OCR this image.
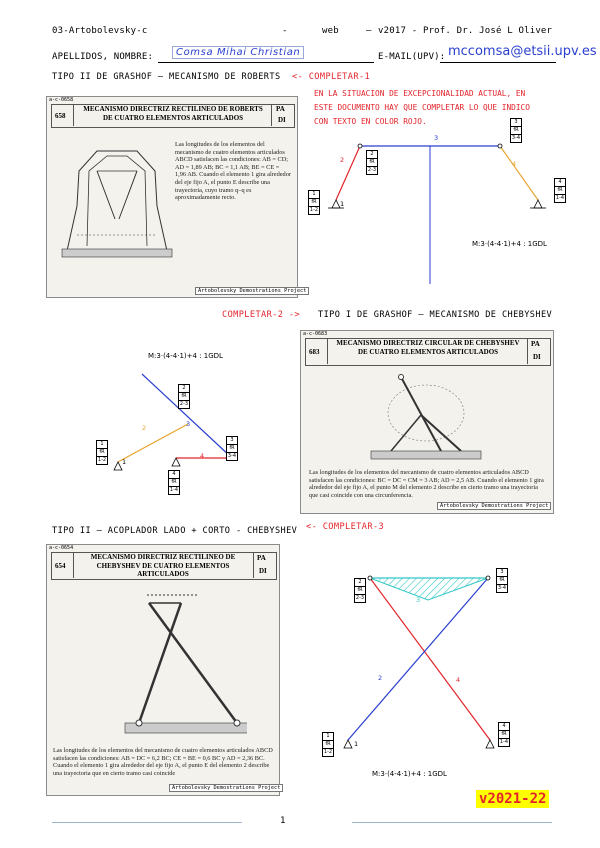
03-Artobolevsky-c	-	web	– v2017 - Prof. Dr. José L Oliver
APELLIDOS, NOMBRE:	Comsa Mihai Christian	E-MAIL(UPV): mccomsa@etsii.upv.es
TIPO II DE GRASHOF – MECANISMO DE ROBERTS <- COMPLETAR-1
EN LA SITUACION DE EXCEPCIONALIDAD ACTUAL, EN
ESTE DOCUMENTO HAY QUE COMPLETAR LO QUE INDICO
CON TEXTO EN COLOR ROJO.
a-c-0658
658
MECANISMO DIRECTRIZ RECTILINEO DE ROBERTS DE CUATRO ELEMENTOS ARTICULADOS
PA
DI
Las longitudes de los elementos del mecanismo de cuatro elementos articulados ABCD satisfacen las condiciones: AB = CD; AD = 1,89 AB; BC = 1,1 AB; BE = CE = 1,96 AB. Cuando el elemento 1 gira alrededor del eje fijo A, el punto E describe una trayectoria, cuyo tramo q–q es aproximadamente recto.
Artobolevsky Demostrations Project
2
3
4
1
M:3·(4-4·1)+4 : 1GDL
1
fR
1-2
2
fR
2-3
3
fR
3-4
4
fR
1-4
COMPLETAR-2 -> TIPO I DE GRASHOF – MECANISMO DE CHEBYSHEV
M:3·(4-4·1)+4 : 1GDL
2	3
4
1
1
fR
1-2
2
fR
2-3
3
fR
3-4
4
fR
1-4
a-c-0683
683
MECANISMO DIRECTRIZ CIRCULAR DE CHEBYSHEV DE CUATRO ELEMENTOS ARTICULADOS
PA
DI
Las longitudes de los elementos del mecanismo de cuatro elementos articulados ABCD satisfacen las condiciones: BC = DC = CM = 3 AB; AD = 2,5 AB. Cuando el elemento 1 gira alrededor del eje fijo A, el punto M del elemento 2 describe en cierto tramo una trayectoria que casi coincide con una circunferencia.
Artobolevsky Demostrations Project
TIPO II – ACOPLADOR LADO + CORTO - CHEBYSHEV <- COMPLETAR-3
a-c-0654
654
MECANISMO DIRECTRIZ RECTILINEO DE CHEBYSHEV DE CUATRO ELEMENTOS ARTICULADOS
PA
DI
Las longitudes de los elementos del mecanismo de cuatro elementos articulados ABCD satisfacen las condiciones: AB = DC = 6,2 BC; CE = BE = 0,6 BC y AD = 2,36 BC. Cuando el elemento 1 gira alrededor del eje fijo A, el punto E del elemento 2 describe una trayectoria que en cierto tramo casi coincide
Artobolevsky Demostrations Project
2
3
4
1
2
fR
2-3
3
fR
3-4
1
fR
1-2
4
fR
1-4
M:3·(4-4·1)+4 : 1GDL
v2021-22
1
